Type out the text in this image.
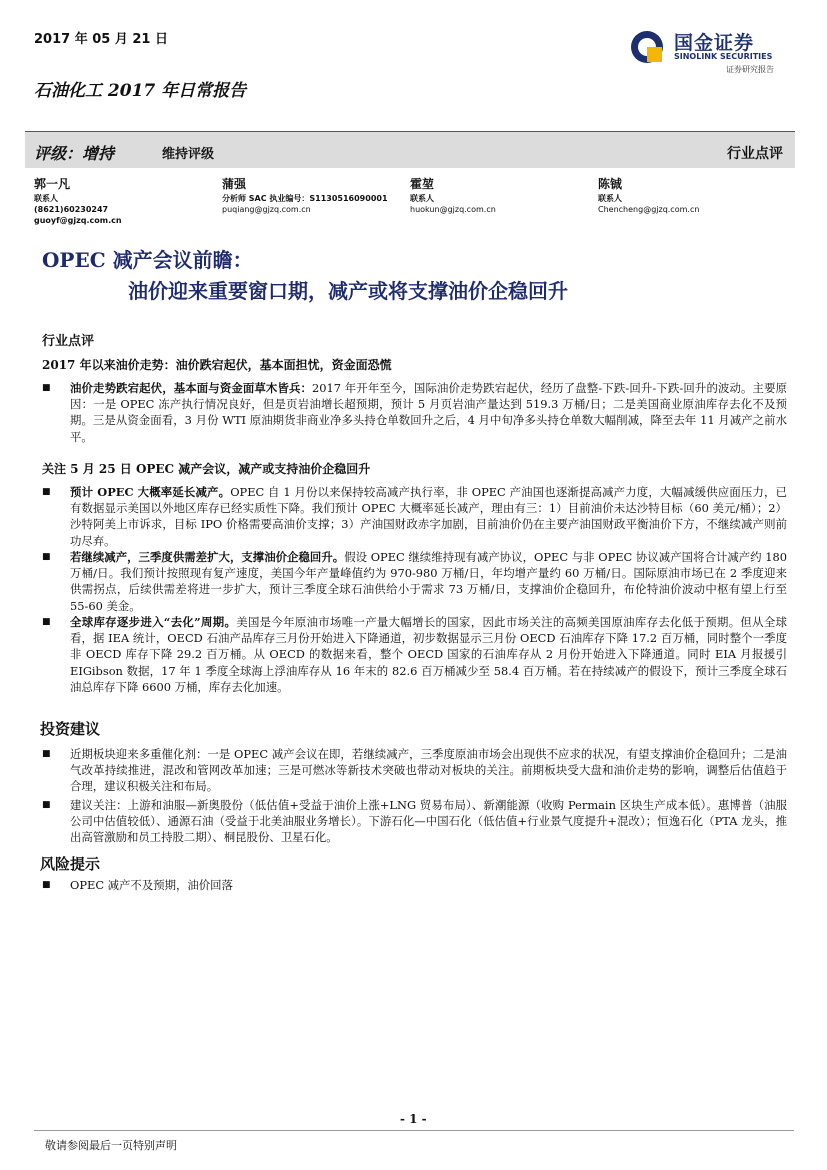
2017 年 05 月 21 日
石油化工 2017 年日常报告
国金证券
SINOLINK SECURITIES
证券研究报告
评级：增持	维持评级	行业点评
郭一凡
联系人
(8621)60230247
guoyf@gjzq.com.cn
蒲强
分析师 SAC 执业编号：S1130516090001
puqiang@gjzq.com.cn
霍堃
联系人
huokun@gjzq.com.cn
陈铖
联系人
Chencheng@gjzq.com.cn
OPEC 减产会议前瞻：
油价迎来重要窗口期，减产或将支撑油价企稳回升
行业点评
2017 年以来油价走势：油价跌宕起伏，基本面担忧，资金面恐慌
■ 油价走势跌宕起伏，基本面与资金面草木皆兵：2017 年开年至今，国际油价走势跌宕起伏，经历了盘整-下跌-回升-下跌-回升的波动。主要原因：一是 OPEC 冻产执行情况良好，但是页岩油增长超预期，预计 5 月页岩油产量达到 519.3 万桶/日；二是美国商业原油库存去化不及预期。三是从资金面看，3 月份 WTI 原油期货非商业净多头持仓单数回升之后，4 月中旬净多头持仓单数大幅削减，降至去年 11 月减产之前水平。
关注 5 月 25 日 OPEC 减产会议，减产或支持油价企稳回升
■ 预计 OPEC 大概率延长减产。OPEC 自 1 月份以来保持较高减产执行率，非 OPEC 产油国也逐渐提高减产力度，大幅减缓供应面压力，已有数据显示美国以外地区库存已经实质性下降。我们预计 OPEC 大概率延长减产，理由有三：1）目前油价未达沙特目标（60 美元/桶）；2）沙特阿美上市诉求，目标 IPO 价格需要高油价支撑；3）产油国财政赤字加剧，目前油价仍在主要产油国财政平衡油价下方，不继续减产则前功尽弃。
■ 若继续减产，三季度供需差扩大，支撑油价企稳回升。假设 OPEC 继续维持现有减产协议，OPEC 与非 OPEC 协议减产国将合计减产约 180 万桶/日。我们预计按照现有复产速度，美国今年产量峰值约为 970-980 万桶/日，年均增产量约 60 万桶/日。国际原油市场已在 2 季度迎来供需拐点，后续供需差将进一步扩大，预计三季度全球石油供给小于需求 73 万桶/日，支撑油价企稳回升，布伦特油价波动中枢有望上行至 55-60 美金。
■ 全球库存逐步进入“去化”周期。美国是今年原油市场唯一产量大幅增长的国家，因此市场关注的高频美国原油库存去化低于预期。但从全球看，据 IEA 统计，OECD 石油产品库存三月份开始进入下降通道，初步数据显示三月份 OECD 石油库存下降 17.2 百万桶，同时整个一季度非 OECD 库存下降 29.2 百万桶。从 OECD 的数据来看，整个 OECD 国家的石油库存从 2 月份开始进入下降通道。同时 EIA 月报援引 EIGibson 数据，17 年 1 季度全球海上浮油库存从 16 年末的 82.6 百万桶减少至 58.4 百万桶。若在持续减产的假设下，预计三季度全球石油总库存下降 6600 万桶，库存去化加速。
投资建议
■ 近期板块迎来多重催化剂：一是 OPEC 减产会议在即，若继续减产，三季度原油市场会出现供不应求的状况，有望支撑油价企稳回升；二是油气改革持续推进，混改和管网改革加速；三是可燃冰等新技术突破也带动对板块的关注。前期板块受大盘和油价走势的影响，调整后估值趋于合理，建议积极关注和布局。
■ 建议关注：上游和油服—新奥股份（低估值+受益于油价上涨+LNG 贸易布局）、新潮能源（收购 Permain 区块生产成本低）。惠博普（油服公司中估值较低）、通源石油（受益于北美油服业务增长）。下游石化—中国石化（低估值+行业景气度提升+混改）；恒逸石化（PTA 龙头，推出高管激励和员工持股二期）、桐昆股份、卫星石化。
风险提示
■ OPEC 减产不及预期，油价回落
- 1 -
敬请参阅最后一页特别声明
